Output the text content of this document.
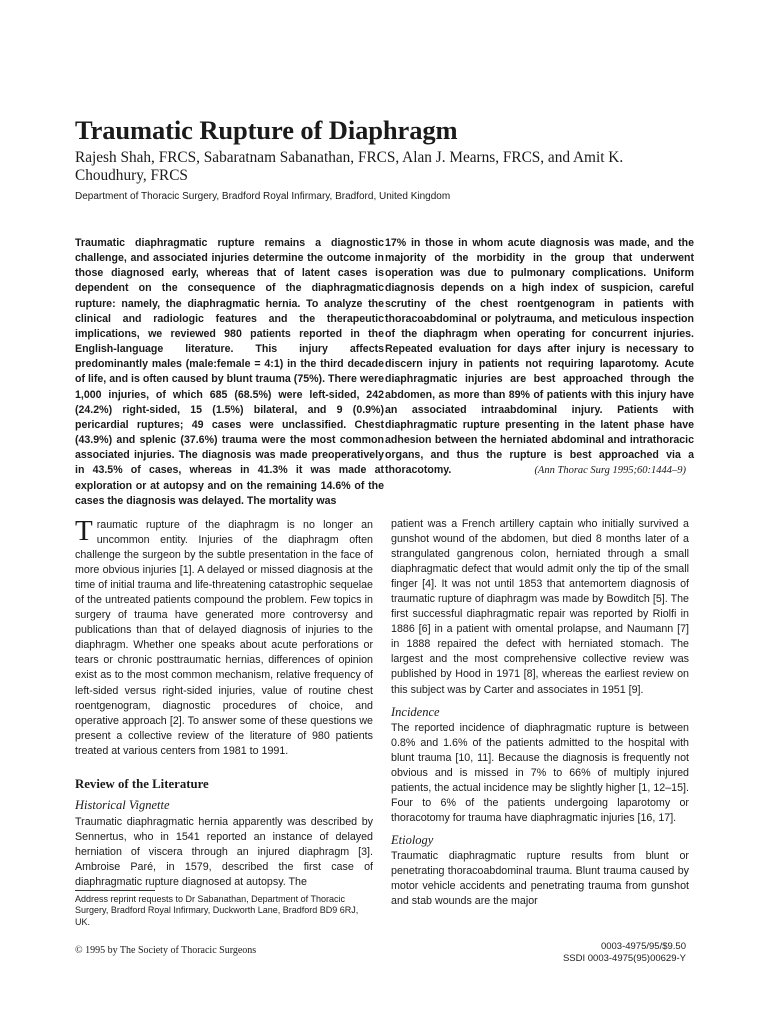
Traumatic Rupture of Diaphragm
Rajesh Shah, FRCS, Sabaratnam Sabanathan, FRCS, Alan J. Mearns, FRCS, and Amit K. Choudhury, FRCS
Department of Thoracic Surgery, Bradford Royal Infirmary, Bradford, United Kingdom
Traumatic diaphragmatic rupture remains a diagnostic challenge, and associated injuries determine the outcome in those diagnosed early, whereas that of latent cases is dependent on the consequence of the diaphragmatic rupture: namely, the diaphragmatic hernia. To analyze the clinical and radiologic features and the therapeutic implications, we reviewed 980 patients reported in the English-language literature. This injury affects predominantly males (male:female = 4:1) in the third decade of life, and is often caused by blunt trauma (75%). There were 1,000 injuries, of which 685 (68.5%) were left-sided, 242 (24.2%) right-sided, 15 (1.5%) bilateral, and 9 (0.9%) pericardial ruptures; 49 cases were unclassified. Chest (43.9%) and splenic (37.6%) trauma were the most common associated injuries. The diagnosis was made preoperatively in 43.5% of cases, whereas in 41.3% it was made at exploration or at autopsy and on the remaining 14.6% of the cases the diagnosis was delayed. The mortality was
17% in those in whom acute diagnosis was made, and the majority of the morbidity in the group that underwent operation was due to pulmonary complications. Uniform diagnosis depends on a high index of suspicion, careful scrutiny of the chest roentgenogram in patients with thoracoabdominal or polytrauma, and meticulous inspection of the diaphragm when operating for concurrent injuries. Repeated evaluation for days after injury is necessary to discern injury in patients not requiring laparotomy. Acute diaphragmatic injuries are best approached through the abdomen, as more than 89% of patients with this injury have an associated intraabdominal injury. Patients with diaphragmatic rupture presenting in the latent phase have adhesion between the herniated abdominal and intrathoracic organs, and thus the rupture is best approached via a thoracotomy.	(Ann Thorac Surg 1995;60:1444–9)

Traumatic rupture of the diaphragm is no longer an uncommon entity. Injuries of the diaphragm often challenge the surgeon by the subtle presentation in the face of more obvious injuries [1]. A delayed or missed diagnosis at the time of initial trauma and life-threatening catastrophic sequelae of the untreated patients compound the problem. Few topics in surgery of trauma have generated more controversy and publications than that of delayed diagnosis of injuries to the diaphragm. Whether one speaks about acute perforations or tears or chronic posttraumatic hernias, differences of opinion exist as to the most common mechanism, relative frequency of left-sided versus right-sided injuries, value of routine chest roentgenogram, diagnostic procedures of choice, and operative approach [2]. To answer some of these questions we present a collective review of the literature of 980 patients treated at various centers from 1981 to 1991.

Review of the Literature
Historical Vignette

Traumatic diaphragmatic hernia apparently was described by Sennertus, who in 1541 reported an instance of delayed herniation of viscera through an injured diaphragm [3]. Ambroise Paré, in 1579, described the first case of diaphragmatic rupture diagnosed at autopsy. The

patient was a French artillery captain who initially survived a gunshot wound of the abdomen, but died 8 months later of a strangulated gangrenous colon, herniated through a small diaphragmatic defect that would admit only the tip of the small finger [4]. It was not until 1853 that antemortem diagnosis of traumatic rupture of diaphragm was made by Bowditch [5]. The first successful diaphragmatic repair was reported by Riolfi in 1886 [6] in a patient with omental prolapse, and Naumann [7] in 1888 repaired the defect with herniated stomach. The largest and the most comprehensive collective review was published by Hood in 1971 [8], whereas the earliest review on this subject was by Carter and associates in 1951 [9].

Incidence

The reported incidence of diaphragmatic rupture is between 0.8% and 1.6% of the patients admitted to the hospital with blunt trauma [10, 11]. Because the diagnosis is frequently not obvious and is missed in 7% to 66% of multiply injured patients, the actual incidence may be slightly higher [1, 12–15]. Four to 6% of the patients undergoing laparotomy or thoracotomy for trauma have diaphragmatic injuries [16, 17].

Etiology

Traumatic diaphragmatic rupture results from blunt or penetrating thoracoabdominal trauma. Blunt trauma caused by motor vehicle accidents and penetrating trauma from gunshot and stab wounds are the major

Address reprint requests to Dr Sabanathan, Department of Thoracic Surgery, Bradford Royal Infirmary, Duckworth Lane, Bradford BD9 6RJ, UK.
© 1995 by The Society of Thoracic Surgeons	0003-4975/95/$9.50
SSDI 0003-4975(95)00629-Y
